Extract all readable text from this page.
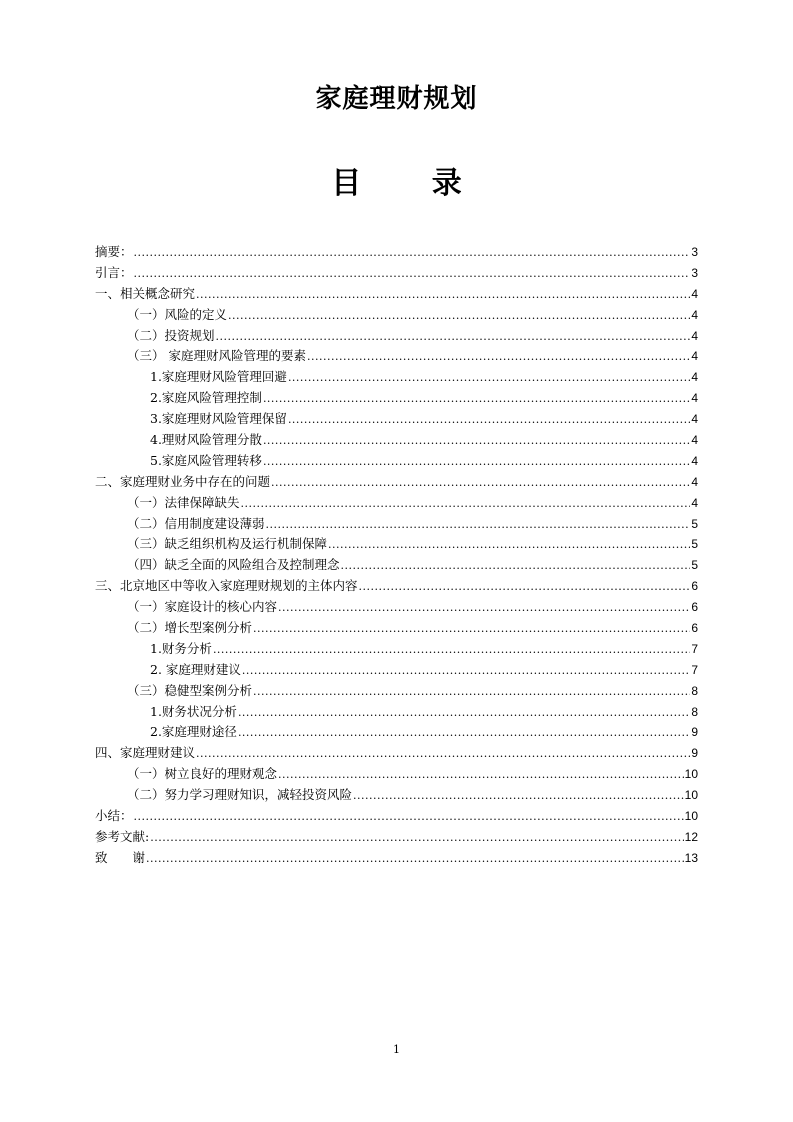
家庭理财规划
目 录
摘要： .....	3
引言： .....	3
一、相关概念研究 .....	4
（一）风险的定义 .....	4
（二）投资规划 .....	4
（三） 家庭理财风险管理的要素 .....	4
1.家庭理财风险管理回避 .....	4
2.家庭风险管理控制 .....	4
3.家庭理财风险管理保留 .....	4
4.理财风险管理分散 .....	4
5.家庭风险管理转移 .....	4
二、家庭理财业务中存在的问题 .....	4
（一）法律保障缺失 .....	4
（二）信用制度建设薄弱 .....	5
（三）缺乏组织机构及运行机制保障 .....	5
（四）缺乏全面的风险组合及控制理念 .....	5
三、北京地区中等收入家庭理财规划的主体内容 .....	6
（一）家庭设计的核心内容 .....	6
（二）增长型案例分析 .....	6
1.财务分析 .....	7
2. 家庭理财建议 .....	7
（三）稳健型案例分析 .....	8
1.财务状况分析 .....	8
2.家庭理财途径 .....	9
四、家庭理财建议 .....	9
（一）树立良好的理财观念 .....	10
（二）努力学习理财知识，减轻投资风险 .....	10
小结： .....	10
参考文献: .....	12
致　　谢 .....	13
1
